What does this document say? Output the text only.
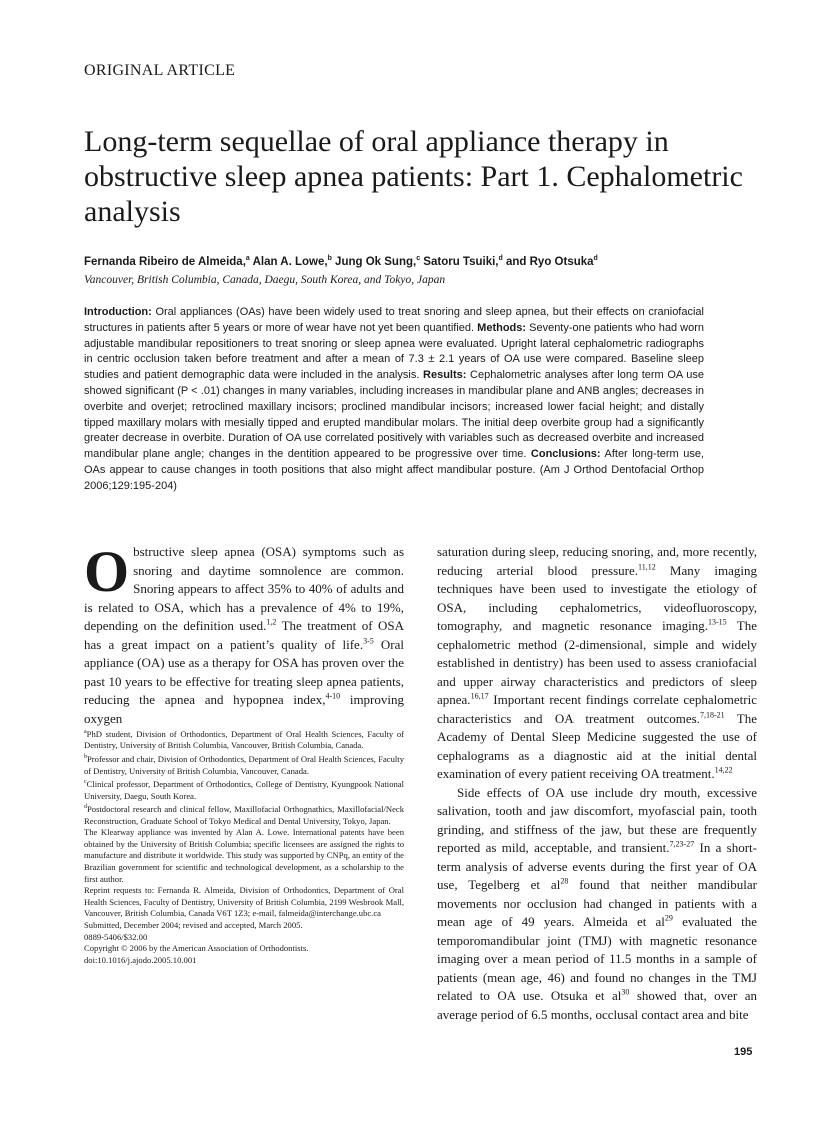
ORIGINAL ARTICLE
Long-term sequellae of oral appliance therapy in obstructive sleep apnea patients: Part 1. Cephalometric analysis
Fernanda Ribeiro de Almeida,$^a$ Alan A. Lowe,$^b$ Jung Ok Sung,$^c$ Satoru Tsuiki,$^d$ and Ryo Otsuka$^d$
Vancouver, British Columbia, Canada, Daegu, South Korea, and Tokyo, Japan
Introduction: Oral appliances (OAs) have been widely used to treat snoring and sleep apnea, but their effects on craniofacial structures in patients after 5 years or more of wear have not yet been quantified. Methods: Seventy-one patients who had worn adjustable mandibular repositioners to treat snoring or sleep apnea were evaluated. Upright lateral cephalometric radiographs in centric occlusion taken before treatment and after a mean of 7.3 ± 2.1 years of OA use were compared. Baseline sleep studies and patient demographic data were included in the analysis. Results: Cephalometric analyses after long term OA use showed significant (P < .01) changes in many variables, including increases in mandibular plane and ANB angles; decreases in overbite and overjet; retroclined maxillary incisors; proclined mandibular incisors; increased lower facial height; and distally tipped maxillary molars with mesially tipped and erupted mandibular molars. The initial deep overbite group had a significantly greater decrease in overbite. Duration of OA use correlated positively with variables such as decreased overbite and increased mandibular plane angle; changes in the dentition appeared to be progressive over time. Conclusions: After long-term use, OAs appear to cause changes in tooth positions that also might affect mandibular posture. (Am J Orthod Dentofacial Orthop 2006;129:195-204)

Obstructive sleep apnea (OSA) symptoms such as snoring and daytime somnolence are common. Snoring appears to affect 35% to 40% of adults and is related to OSA, which has a prevalence of 4% to 19%, depending on the definition used.$^{1,2}$ The treatment of OSA has a great impact on a patient’s quality of life.$^{3-5}$ Oral appliance (OA) use as a therapy for OSA has proven over the past 10 years to be effective for treating sleep apnea patients, reducing the apnea and hypopnea index,$^{4-10}$ improving oxygen

$^a$PhD student, Division of Orthodontics, Department of Oral Health Sciences, Faculty of Dentistry, University of British Columbia, Vancouver, British Columbia, Canada.

$^b$Professor and chair, Division of Orthodontics, Department of Oral Health Sciences, Faculty of Dentistry, University of British Columbia, Vancouver, Canada.

$^c$Clinical professor, Department of Orthodontics, College of Dentistry, Kyungpook National University, Daegu, South Korea.

$^d$Postdoctoral research and clinical fellow, Maxillofacial Orthognathics, Maxillofacial/Neck Reconstruction, Graduate School of Tokyo Medical and Dental University, Tokyo, Japan.

The Klearway appliance was invented by Alan A. Lowe. International patents have been obtained by the University of British Columbia; specific licensees are assigned the rights to manufacture and distribute it worldwide. This study was supported by CNPq, an entity of the Brazilian government for scientific and technological development, as a scholarship to the first author.

Reprint requests to: Fernanda R. Almeida, Division of Orthodontics, Department of Oral Health Sciences, Faculty of Dentistry, University of British Columbia, 2199 Wesbrook Mall, Vancouver, British Columbia, Canada V6T 1Z3; e-mail, falmeida@interchange.ubc.ca

Submitted, December 2004; revised and accepted, March 2005.

0889-5406/$32.00

Copyright © 2006 by the American Association of Orthodontists.

doi:10.1016/j.ajodo.2005.10.001

saturation during sleep, reducing snoring, and, more recently, reducing arterial blood pressure.$^{11,12}$ Many imaging techniques have been used to investigate the etiology of OSA, including cephalometrics, videofluoroscopy, tomography, and magnetic resonance imaging.$^{13-15}$ The cephalometric method (2-dimensional, simple and widely established in dentistry) has been used to assess craniofacial and upper airway characteristics and predictors of sleep apnea.$^{16,17}$ Important recent findings correlate cephalometric characteristics and OA treatment outcomes.$^{7,18-21}$ The Academy of Dental Sleep Medicine suggested the use of cephalograms as a diagnostic aid at the initial dental examination of every patient receiving OA treatment.$^{14,22}$

Side effects of OA use include dry mouth, excessive salivation, tooth and jaw discomfort, myofascial pain, tooth grinding, and stiffness of the jaw, but these are frequently reported as mild, acceptable, and transient.$^{7,23-27}$ In a short-term analysis of adverse events during the first year of OA use, Tegelberg et $al^{28}$ found that neither mandibular movements nor occlusion had changed in patients with a mean age of 49 years. Almeida et $al^{29}$ evaluated the temporomandibular joint (TMJ) with magnetic resonance imaging over a mean period of 11.5 months in a sample of patients (mean age, 46) and found no changes in the TMJ related to OA use. Otsuka et $al^{30}$ showed that, over an average period of 6.5 months, occlusal contact area and bite

195
